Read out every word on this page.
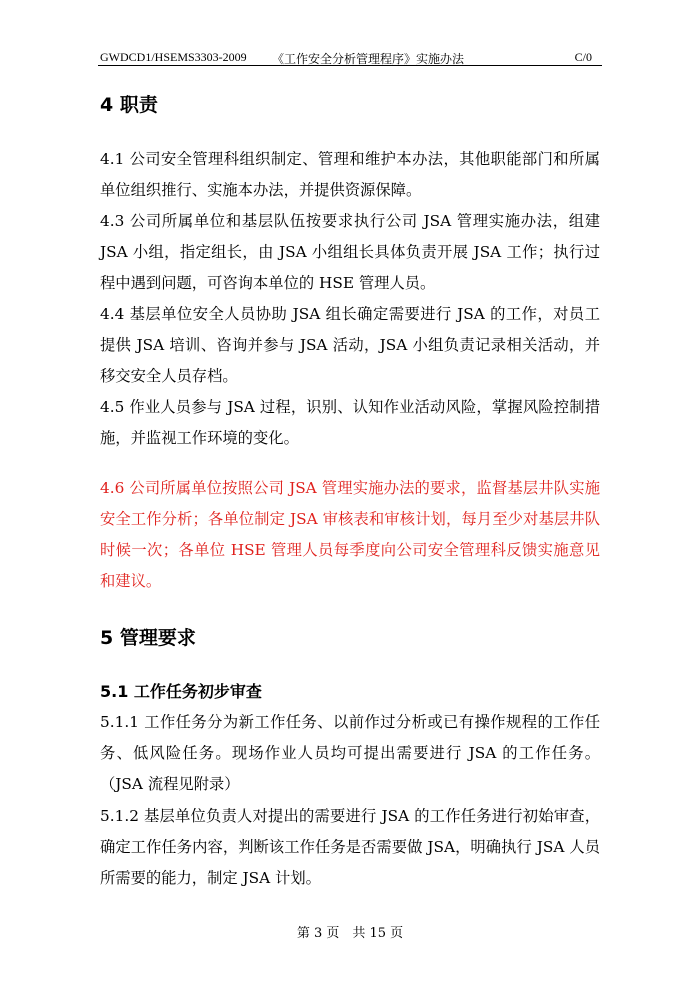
GWDCD1/HSEMS3303-2009 《工作安全分析管理程序》实施办法	C/0
4 职责
4.1 公司安全管理科组织制定、管理和维护本办法，其他职能部门和所属单位组织推行、实施本办法，并提供资源保障。
4.3 公司所属单位和基层队伍按要求执行公司 JSA 管理实施办法，组建 JSA 小组，指定组长，由 JSA 小组组长具体负责开展 JSA 工作；执行过程中遇到问题，可咨询本单位的 HSE 管理人员。
4.4 基层单位安全人员协助 JSA 组长确定需要进行 JSA 的工作，对员工提供 JSA 培训、咨询并参与 JSA 活动，JSA 小组负责记录相关活动，并移交安全人员存档。
4.5 作业人员参与 JSA 过程，识别、认知作业活动风险，掌握风险控制措施，并监视工作环境的变化。
4.6 公司所属单位按照公司 JSA 管理实施办法的要求，监督基层井队实施安全工作分析；各单位制定 JSA 审核表和审核计划，每月至少对基层井队时候一次；各单位 HSE 管理人员每季度向公司安全管理科反馈实施意见和建议。
5 管理要求
5.1 工作任务初步审查
5.1.1 工作任务分为新工作任务、以前作过分析或已有操作规程的工作任务、低风险任务。现场作业人员均可提出需要进行 JSA 的工作任务。（JSA 流程见附录）
5.1.2 基层单位负责人对提出的需要进行 JSA 的工作任务进行初始审查，确定工作任务内容，判断该工作任务是否需要做 JSA，明确执行 JSA 人员所需要的能力，制定 JSA 计划。
第 3 页　共 15 页
